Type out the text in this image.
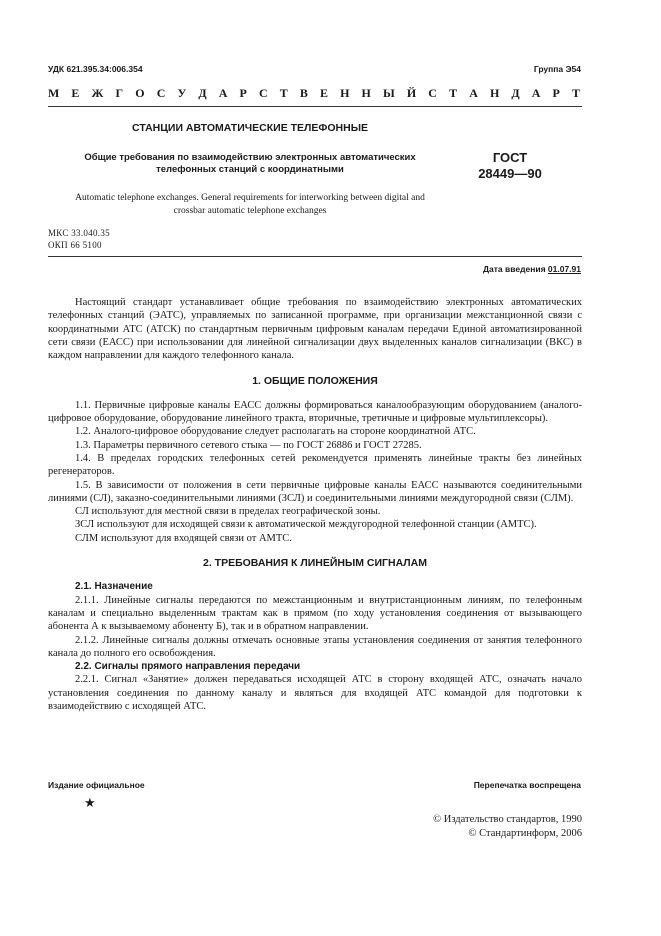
УДК 621.395.34:006.354	Группа Э54
М Е Ж Г О С У Д А Р С Т В Е Н Н Ы Й С Т А Н Д А Р Т
СТАНЦИИ АВТОМАТИЧЕСКИЕ ТЕЛЕФОННЫЕ
Общие требования по взаимодействию электронных автоматических телефонных станций с координатными
ГОСТ
28449—90
Automatic telephone exchanges. General requirements for interworking between digital and crossbar automatic telephone exchanges
МКС 33.040.35
ОКП 66 5100
Дата введения 01.07.91

Настоящий стандарт устанавливает общие требования по взаимодействию электронных автоматических телефонных станций (ЭАТС), управляемых по записанной программе, при организации межстанционной связи с координатными АТС (АТСК) по стандартным первичным цифровым каналам передачи Единой автоматизированной сети связи (ЕАСС) при использовании для линейной сигнализации двух выделенных каналов сигнализации (ВКС) в каждом направлении для каждого телефонного канала.

1. ОБЩИЕ ПОЛОЖЕНИЯ

1.1. Первичные цифровые каналы ЕАСС должны формироваться каналообразующим оборудованием (аналого-цифровое оборудование, оборудование линейного тракта, вторичные, третичные и цифровые мультиплексоры).

1.2. Аналого-цифровое оборудование следует располагать на стороне координатной АТС.

1.3. Параметры первичного сетевого стыка — по ГОСТ 26886 и ГОСТ 27285.

1.4. В пределах городских телефонных сетей рекомендуется применять линейные тракты без линейных регенераторов.

1.5. В зависимости от положения в сети первичные цифровые каналы ЕАСС называются соединительными линиями (СЛ), заказно-соединительными линиями (ЗСЛ) и соединительными линиями междугородной связи (СЛМ).

СЛ используют для местной связи в пределах географической зоны.

ЗСЛ используют для исходящей связи к автоматической междугородной телефонной станции (АМТС).

СЛМ используют для входящей связи от АМТС.

2. ТРЕБОВАНИЯ К ЛИНЕЙНЫМ СИГНАЛАМ

2.1. Назначение

2.1.1. Линейные сигналы передаются по межстанционным и внутристанционным линиям, по телефонным каналам и специально выделенным трактам как в прямом (по ходу установления соединения от вызывающего абонента А к вызываемому абоненту Б), так и в обратном направлении.

2.1.2. Линейные сигналы должны отмечать основные этапы установления соединения от занятия телефонного канала до полного его освобождения.

2.2. Сигналы прямого направления передачи

2.2.1. Сигнал «Занятие» должен передаваться исходящей АТС в сторону входящей АТС, означать начало установления соединения по данному каналу и являться для входящей АТС командой для подготовки к взаимодействию с исходящей АТС.

Издание официальное	Перепечатка воспрещена
★
© Издательство стандартов, 1990
© Стандартинформ, 2006
